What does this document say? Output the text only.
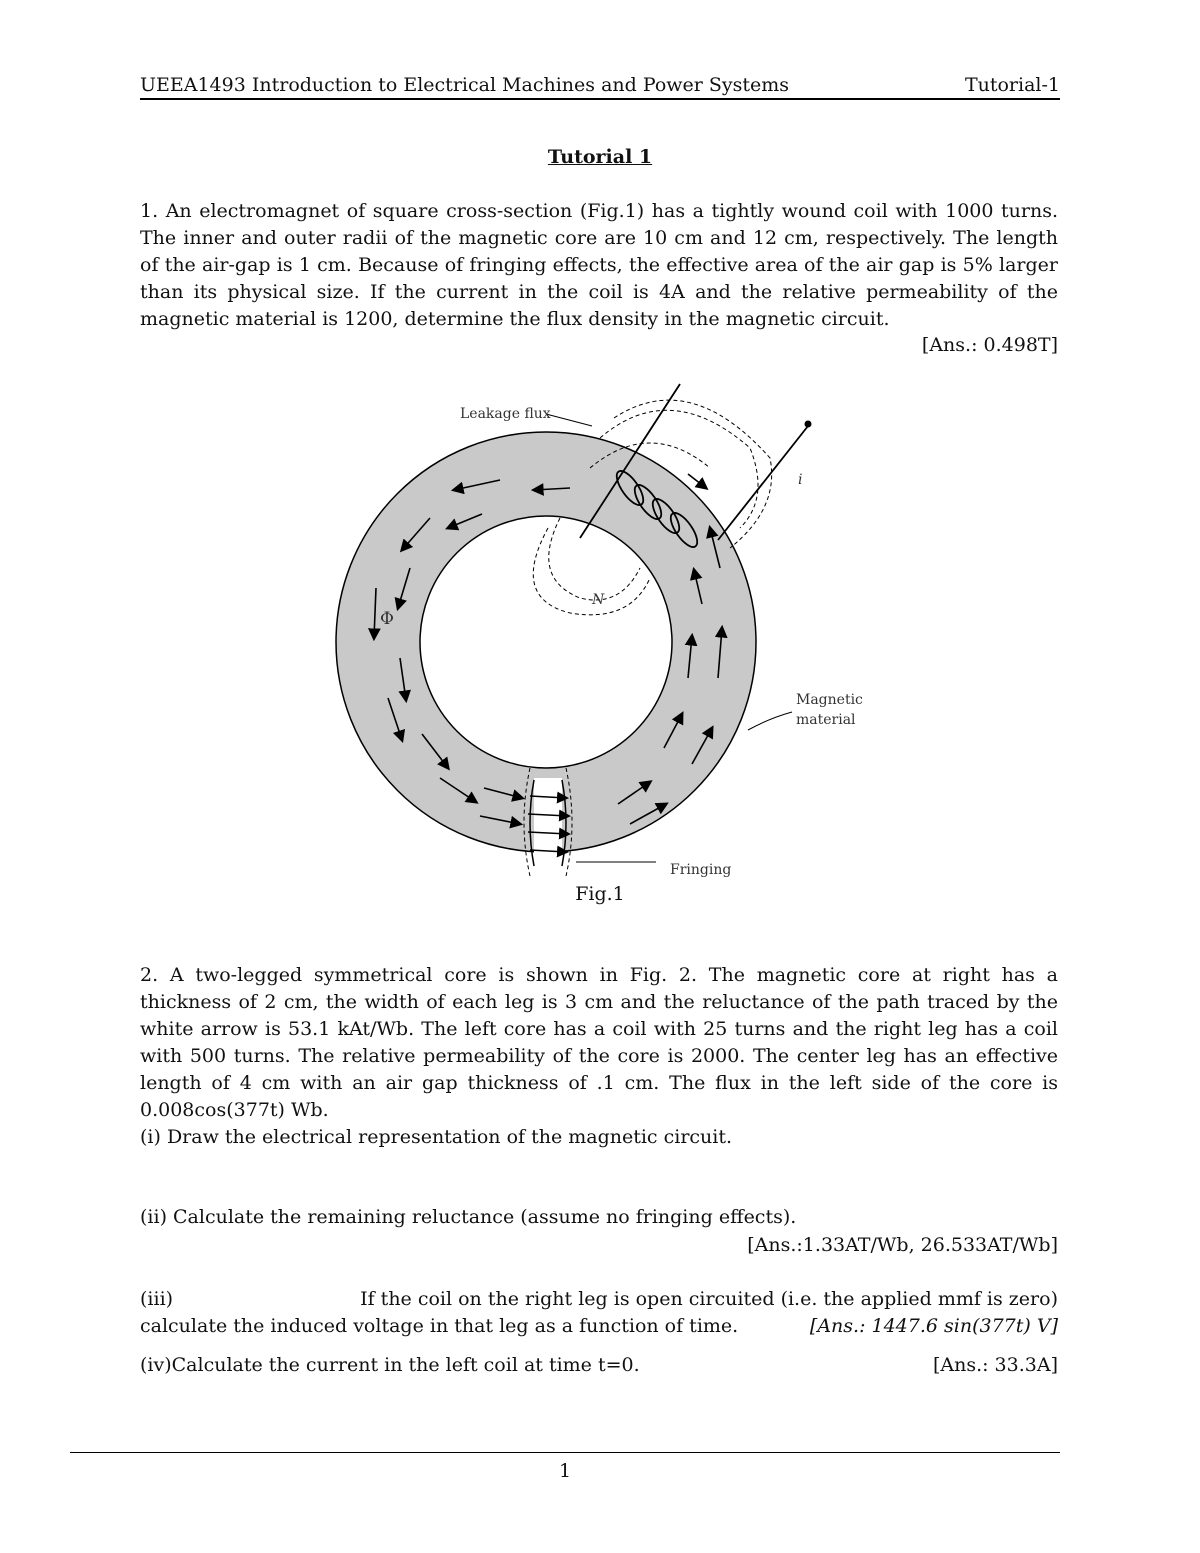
UEEA1493 Introduction to Electrical Machines and Power Systems	Tutorial-1
Tutorial 1
1. An electromagnet of square cross-section (Fig.1) has a tightly wound coil with 1000 turns. The inner and outer radii of the magnetic core are 10 cm and 12 cm, respectively. The length of the air-gap is 1 cm. Because of fringing effects, the effective area of the air gap is 5% larger than its physical size. If the current in the coil is 4A and the relative permeability of the magnetic material is 1200, determine the flux density in the magnetic circuit.
[Ans.: 0.498T]
Leakage flux
Magnetic
material
Fringing
Φ
N
i
Fig.1
2. A two-legged symmetrical core is shown in Fig. 2. The magnetic core at right has a thickness of 2 cm, the width of each leg is 3 cm and the reluctance of the path traced by the white arrow is 53.1 kAt/Wb. The left core has a coil with 25 turns and the right leg has a coil with 500 turns. The relative permeability of the core is 2000. The center leg has an effective length of 4 cm with an air gap thickness of .1 cm. The flux in the left side of the core is 0.008cos(377t) Wb.
(i) Draw the electrical representation of the magnetic circuit.
(ii) Calculate the remaining reluctance (assume no fringing effects).
[Ans.:1.33AT/Wb, 26.533AT/Wb]
(iii)	If the coil on the right leg is open circuited (i.e. the applied mmf is zero)
calculate the induced voltage in that leg as a function of time.	[Ans.: 1447.6 sin(377t) V]
(iv)Calculate the current in the left coil at time t=0.	[Ans.: 33.3A]
1
